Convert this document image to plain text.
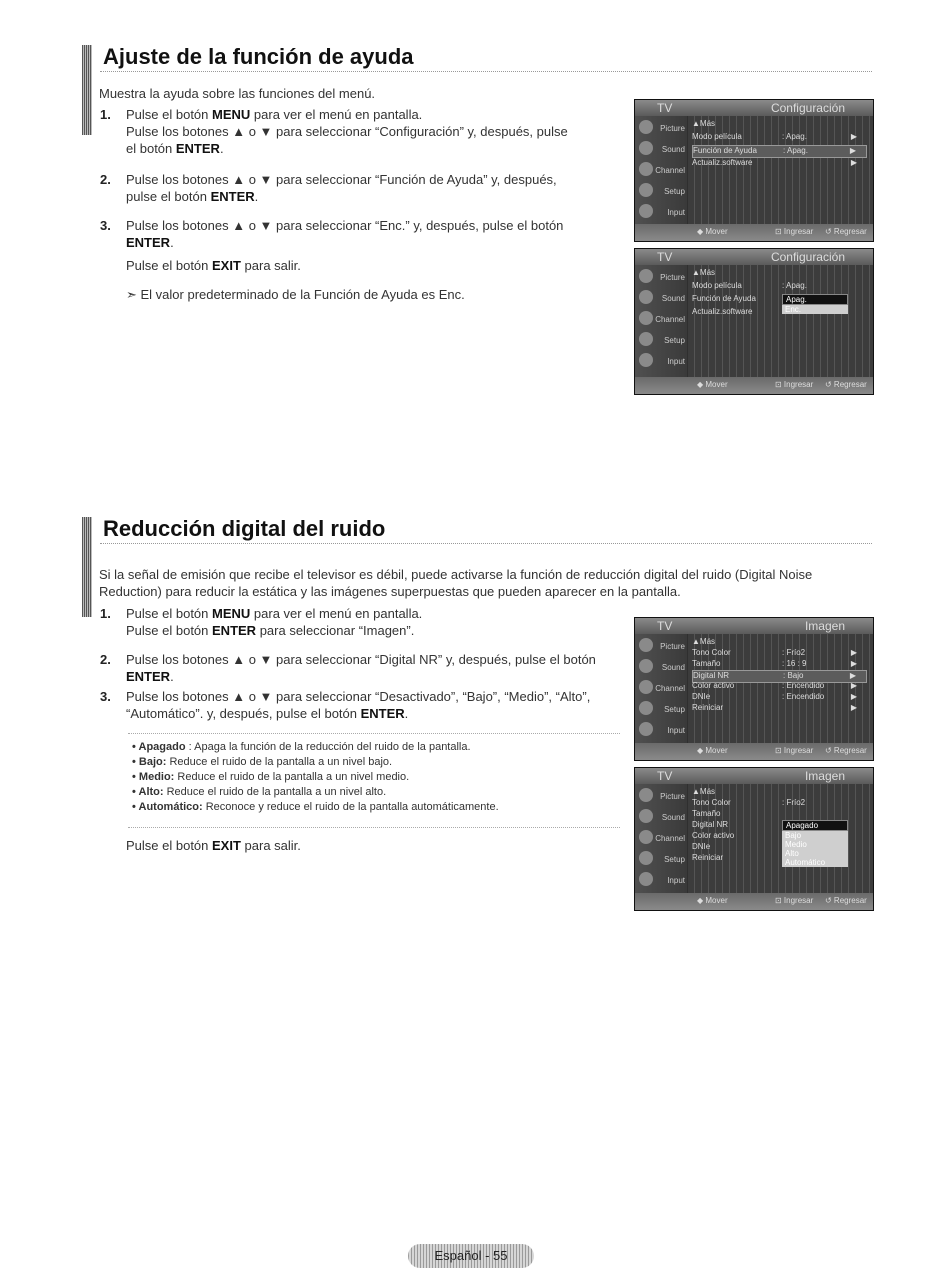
Ajuste de la función de ayuda
Muestra la ayuda sobre las funciones del menú.
1. Pulse el botón MENU para ver el menú en pantalla.
Pulse los botones ▲ o ▼ para seleccionar “Configuración” y, después, pulse
el botón ENTER.
2. Pulse los botones ▲ o ▼ para seleccionar “Función de Ayuda” y, después,
pulse el botón ENTER.
3. Pulse los botones ▲ o ▼ para seleccionar “Enc.” y, después, pulse el botón
ENTER.
Pulse el botón EXIT para salir.
➣ El valor predeterminado de la Función de Ayuda es Enc.
Reducción digital del ruido
Si la señal de emisión que recibe el televisor es débil, puede activarse la función de reducción digital del ruido (Digital Noise
Reduction) para reducir la estática y las imágenes superpuestas que pueden aparecer en la pantalla.
1. Pulse el botón MENU para ver el menú en pantalla.
Pulse el botón ENTER para seleccionar “Imagen”.
2. Pulse los botones ▲ o ▼ para seleccionar “Digital NR” y, después, pulse el botón
ENTER.
3. Pulse los botones ▲ o ▼ para seleccionar “Desactivado”, “Bajo”, “Medio”, “Alto”,
“Automático”. y, después, pulse el botón ENTER.
• Apagado : Apaga la función de la reducción del ruido de la pantalla.
• Bajo: Reduce el ruido de la pantalla a un nivel bajo.
• Medio: Reduce el ruido de la pantalla a un nivel medio.
• Alto: Reduce el ruido de la pantalla a un nivel alto.
• Automático: Reconoce y reduce el ruido de la pantalla automáticamente.
Pulse el botón EXIT para salir.
TV	Configuración
Picture
Sound
Channel
Setup
Input
▲Más
Modo película	: Apag.	▶
Función de Ayuda	: Apag.	▶
Actualiz.software	▶
◆ Mover	⊡ Ingresar ↺ Regresar
TV	Configuración
Picture
Sound
Channel
Setup
Input
▲Más
Modo película	: Apag.
Función de Ayuda
Actualiz.software
Apag.
Enc.
◆ Mover	⊡ Ingresar ↺ Regresar
TV	Imagen
Picture
Sound
Channel
Setup
Input
▲Más
Tono Color	: Frío2	▶
Tamaño	: 16 : 9	▶
Digital NR	: Bajo	▶
Color activo	: Encendido	▶
DNIe	: Encendido	▶
Reiniciar	▶
◆ Mover	⊡ Ingresar ↺ Regresar
TV	Imagen
Picture
Sound
Channel
Setup
Input
▲Más
Tono Color	: Frío2
Tamaño
Digital NR
Color activo
DNIe
Reiniciar
Apagado
Bajo
Medio
Alto
Automático
◆ Mover	⊡ Ingresar ↺ Regresar
Español - 55
